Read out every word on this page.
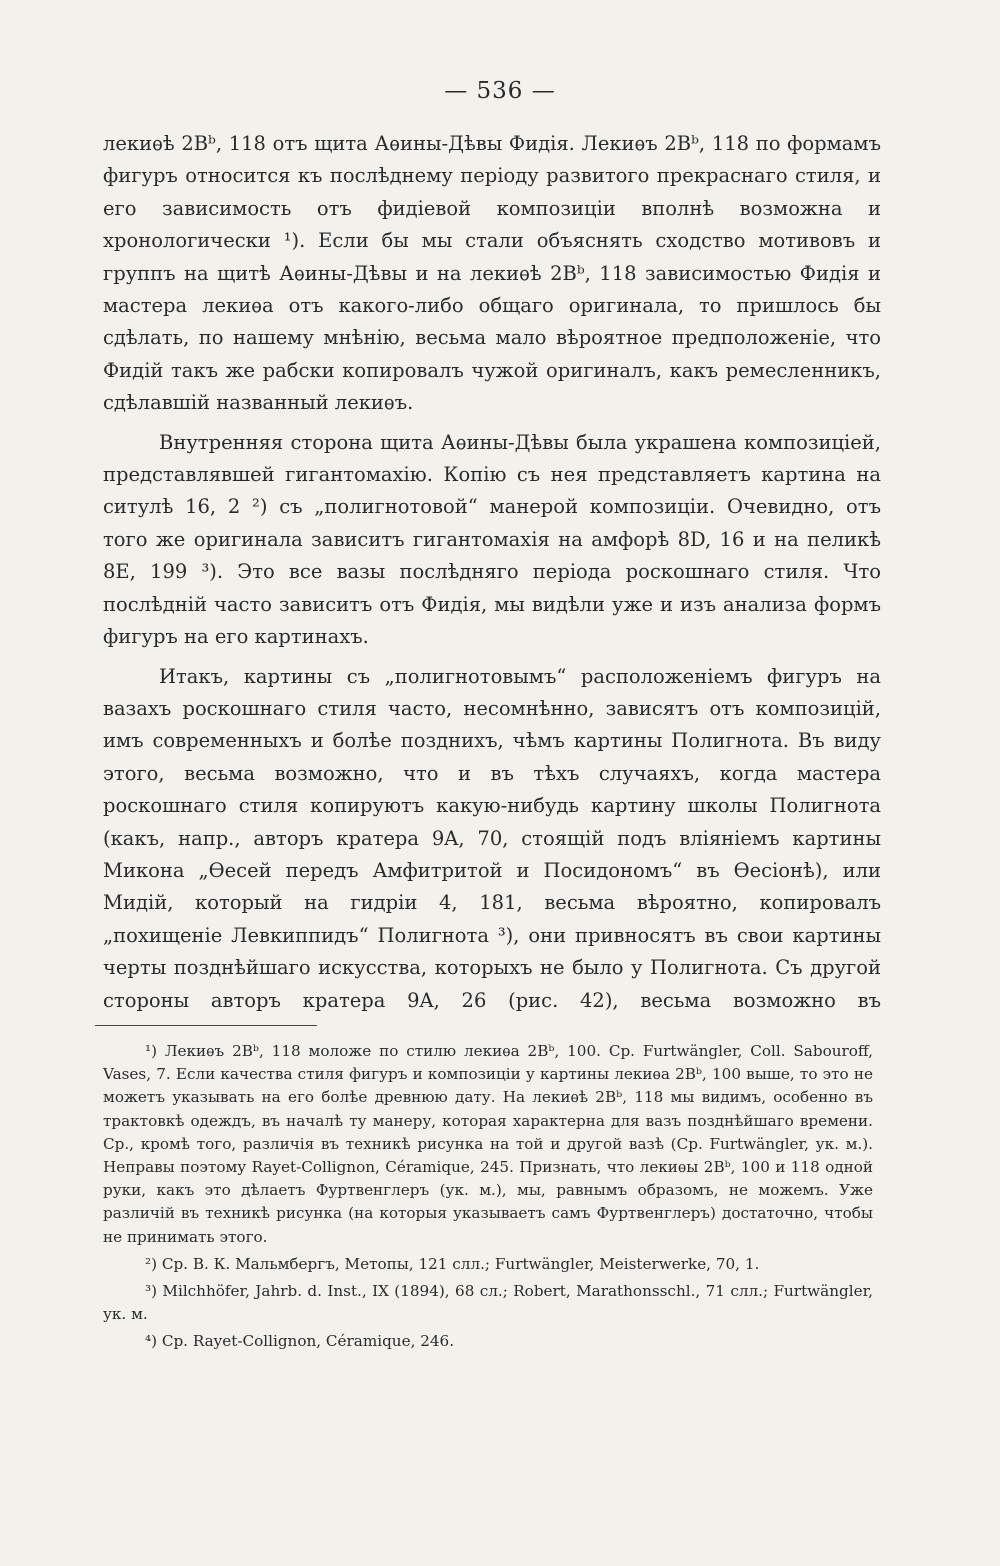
— 536 —

лекиѳѣ 2Bᵇ, 118 отъ щита Аѳины-Дѣвы Фидія. Лекиѳъ 2Bᵇ, 118 по формамъ фигуръ относится къ послѣднему періоду развитого прекраснаго стиля, и его зависимость отъ фидіевой композиціи вполнѣ возможна и хронологически ¹). Если бы мы стали объяснять сходство мотивовъ и группъ на щитѣ Аѳины-Дѣвы и на лекиѳѣ 2Bᵇ, 118 зависимостью Фидія и мастера лекиѳа отъ какого-либо общаго оригинала, то пришлось бы сдѣлать, по нашему мнѣнію, весьма мало вѣроятное предположеніе, что Фидій такъ же рабски копировалъ чужой оригиналъ, какъ ремесленникъ, сдѣлавшій названный лекиѳъ.

Внутренняя сторона щита Аѳины-Дѣвы была украшена композиціей, представлявшей гигантомахію. Копію съ нея представляетъ картина на ситулѣ 16, 2 ²) съ „полигнотовой“ манерой композиціи. Очевидно, отъ того же оригинала зависитъ гигантомахія на амфорѣ 8D, 16 и на пеликѣ 8E, 199 ³). Это все вазы послѣдняго періода роскошнаго стиля. Что послѣдній часто зависитъ отъ Фидія, мы видѣли уже и изъ анализа формъ фигуръ на его картинахъ.

Итакъ, картины съ „полигнотовымъ“ расположеніемъ фигуръ на вазахъ роскошнаго стиля часто, несомнѣнно, зависятъ отъ композицій, имъ современныхъ и болѣе позднихъ, чѣмъ картины Полигнота. Въ виду этого, весьма возможно, что и въ тѣхъ случаяхъ, когда мастера роскошнаго стиля копируютъ какую-нибудь картину школы Полигнота (какъ, напр., авторъ кратера 9A, 70, стоящій подъ вліяніемъ картины Микона „Ѳесей передъ Амфитритой и Посидономъ“ въ Ѳесіонѣ), или Мидій, который на гидріи 4, 181, весьма вѣроятно, копировалъ „похищеніе Левкиппидъ“ Полигнота ³), они привносятъ въ свои картины черты позднѣйшаго искусства, которыхъ не было у Полигнота. Съ другой стороны авторъ кратера 9A, 26 (рис. 42), весьма возможно въ

¹) Лекиѳъ 2Bᵇ, 118 моложе по стилю лекиѳа 2Bᵇ, 100. Ср. Furtwängler, Coll. Sabouroff, Vases, 7. Если качества стиля фигуръ и композиціи у картины лекиѳа 2Bᵇ, 100 выше, то это не можетъ указывать на его болѣе древнюю дату. На лекиѳѣ 2Bᵇ, 118 мы видимъ, особенно въ трактовкѣ одеждъ, въ началѣ ту манеру, которая характерна для вазъ позднѣйшаго времени. Ср., кромѣ того, различія въ техникѣ рисунка на той и другой вазѣ (Ср. Furtwängler, ук. м.). Неправы поэтому Rayet-Collignon, Céramique, 245. Признать, что лекиѳы 2Bᵇ, 100 и 118 одной руки, какъ это дѣлаетъ Фуртвенглеръ (ук. м.), мы, равнымъ образомъ, не можемъ. Уже различій въ техникѣ рисунка (на которыя указываетъ самъ Фуртвенглеръ) достаточно, чтобы не принимать этого.

²) Ср. В. К. Мальмбергъ, Метопы, 121 слл.; Furtwängler, Meisterwerke, 70, 1.

³) Milchhöfer, Jahrb. d. Inst., IX (1894), 68 сл.; Robert, Marathonsschl., 71 слл.; Furtwängler, ук. м.

⁴) Ср. Rayet-Collignon, Céramique, 246.
